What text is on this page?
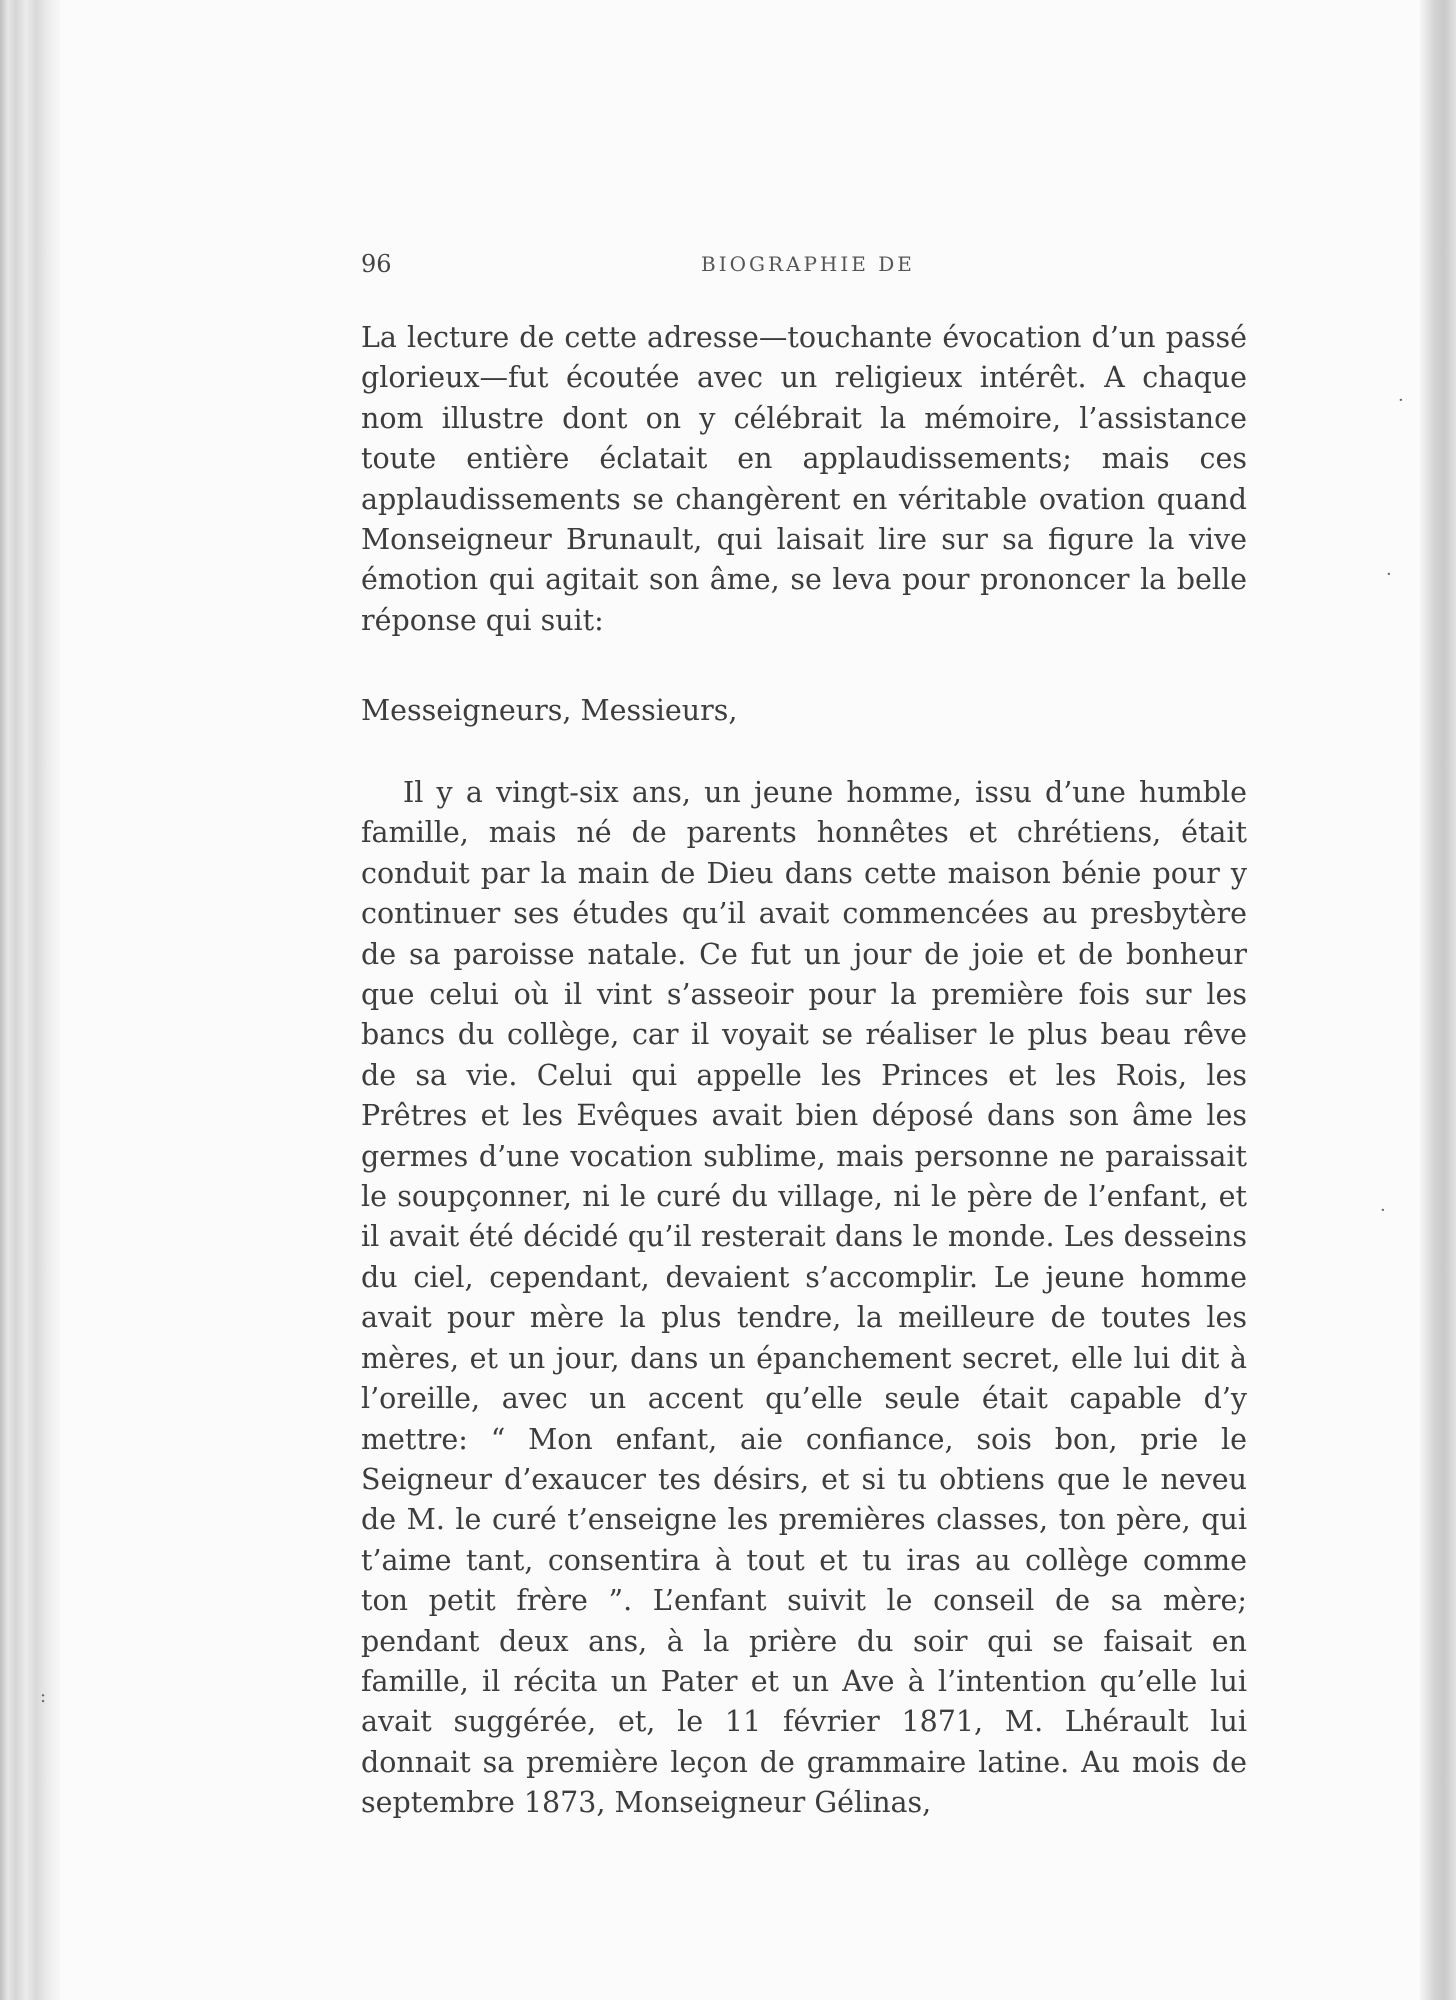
96	BIOGRAPHIE DE

La lecture de cette adresse—touchante évocation d’un passé glorieux—fut écoutée avec un religieux intérêt. A chaque nom illustre dont on y célébrait la mémoire, l’assistance toute entière éclatait en applaudissements; mais ces applaudissements se changèrent en véritable ovation quand Monseigneur Brunault, qui laisait lire sur sa figure la vive émotion qui agitait son âme, se leva pour prononcer la belle réponse qui suit:

Messeigneurs, Messieurs,

Il y a vingt-six ans, un jeune homme, issu d’une humble famille, mais né de parents honnêtes et chrétiens, était conduit par la main de Dieu dans cette maison bénie pour y continuer ses études qu’il avait commencées au presbytère de sa paroisse natale. Ce fut un jour de joie et de bonheur que celui où il vint s’asseoir pour la première fois sur les bancs du collège, car il voyait se réaliser le plus beau rêve de sa vie. Celui qui appelle les Princes et les Rois, les Prêtres et les Evêques avait bien déposé dans son âme les germes d’une vocation sublime, mais personne ne paraissait le soupçonner, ni le curé du village, ni le père de l’enfant, et il avait été décidé qu’il resterait dans le monde. Les desseins du ciel, cependant, devaient s’accomplir. Le jeune homme avait pour mère la plus tendre, la meilleure de toutes les mères, et un jour, dans un épanchement secret, elle lui dit à l’oreille, avec un accent qu’elle seule était capable d’y mettre: “ Mon enfant, aie confiance, sois bon, prie le Seigneur d’exaucer tes désirs, et si tu obtiens que le neveu de M. le curé t’enseigne les premières classes, ton père, qui t’aime tant, consentira à tout et tu iras au collège comme ton petit frère ”. L’enfant suivit le conseil de sa mère; pendant deux ans, à la prière du soir qui se faisait en famille, il récita un Pater et un Ave à l’intention qu’elle lui avait suggérée, et, le 11 février 1871, M. Lhérault lui donnait sa première leçon de grammaire latine. Au mois de septembre 1873, Monseigneur Gélinas,

·
·
·
:
